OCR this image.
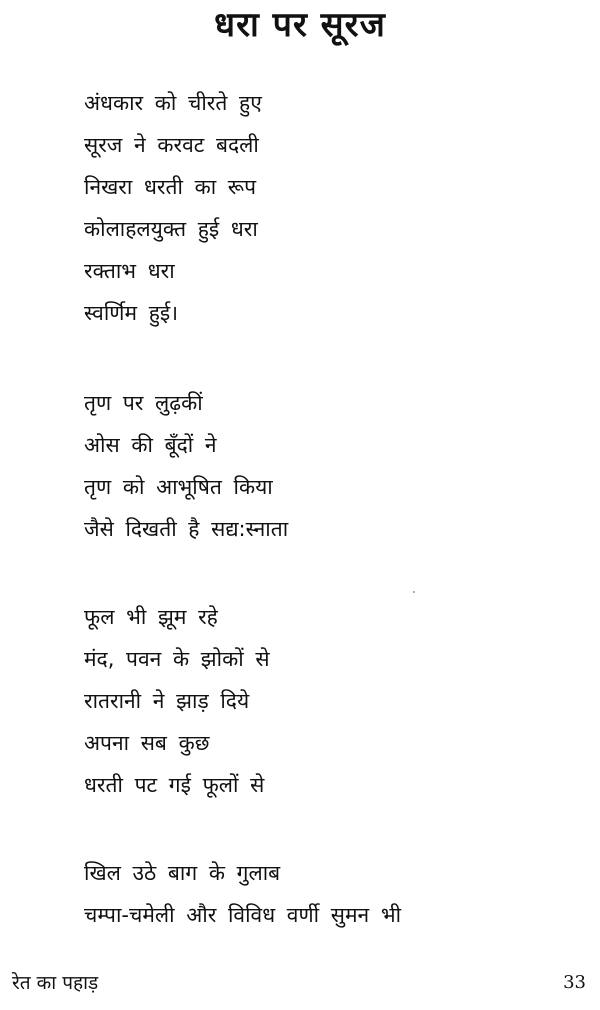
धरा पर सूरज
अंधकार को चीरते हुए
सूरज ने करवट बदली
निखरा धरती का रूप
कोलाहलयुक्त हुई धरा
रक्ताभ धरा
स्वर्णिम हुई।
तृण पर लुढ़कीं
ओस की बूँदों ने
तृण को आभूषित किया
जैसे दिखती है सद्य:स्नाता
फूल भी झूम रहे
मंद, पवन के झोकों से
रातरानी ने झाड़ दिये
अपना सब कुछ
धरती पट गई फूलों से
खिल उठे बाग के गुलाब
चम्पा-चमेली और विविध वर्णी सुमन भी
रेत का पहाड़	33
